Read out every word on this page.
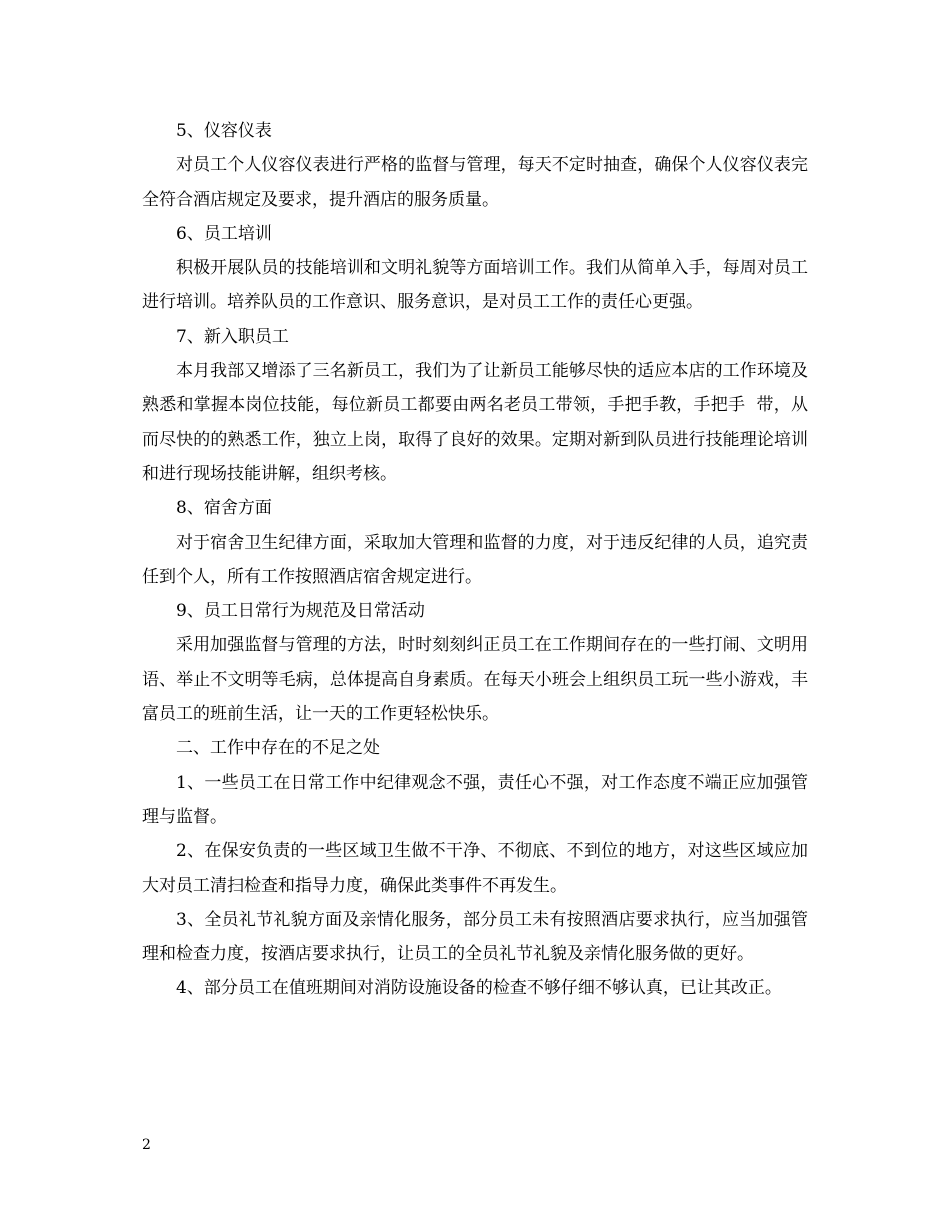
5、仪容仪表

对员工个人仪容仪表进行严格的监督与管理，每天不定时抽查，确保个人仪容仪表完全符合酒店规定及要求，提升酒店的服务质量。

6、员工培训

积极开展队员的技能培训和文明礼貌等方面培训工作。我们从简单入手，每周对员工进行培训。培养队员的工作意识、服务意识，是对员工工作的责任心更强。

7、新入职员工

本月我部又增添了三名新员工，我们为了让新员工能够尽快的适应本店的工作环境及熟悉和掌握本岗位技能，每位新员工都要由两名老员工带领，手把手教，手把手  带，从而尽快的的熟悉工作，独立上岗，取得了良好的效果。定期对新到队员进行技能理论培训和进行现场技能讲解，组织考核。

8、宿舍方面

对于宿舍卫生纪律方面，采取加大管理和监督的力度，对于违反纪律的人员，追究责任到个人，所有工作按照酒店宿舍规定进行。

9、员工日常行为规范及日常活动

采用加强监督与管理的方法，时时刻刻纠正员工在工作期间存在的一些打闹、文明用语、举止不文明等毛病，总体提高自身素质。在每天小班会上组织员工玩一些小游戏，丰富员工的班前生活，让一天的工作更轻松快乐。

二、工作中存在的不足之处

1、一些员工在日常工作中纪律观念不强，责任心不强，对工作态度不端正应加强管理与监督。

2、在保安负责的一些区域卫生做不干净、不彻底、不到位的地方，对这些区域应加大对员工清扫检查和指导力度，确保此类事件不再发生。

3、全员礼节礼貌方面及亲情化服务，部分员工未有按照酒店要求执行，应当加强管理和检查力度，按酒店要求执行，让员工的全员礼节礼貌及亲情化服务做的更好。

4、部分员工在值班期间对消防设施设备的检查不够仔细不够认真，已让其改正。

2
